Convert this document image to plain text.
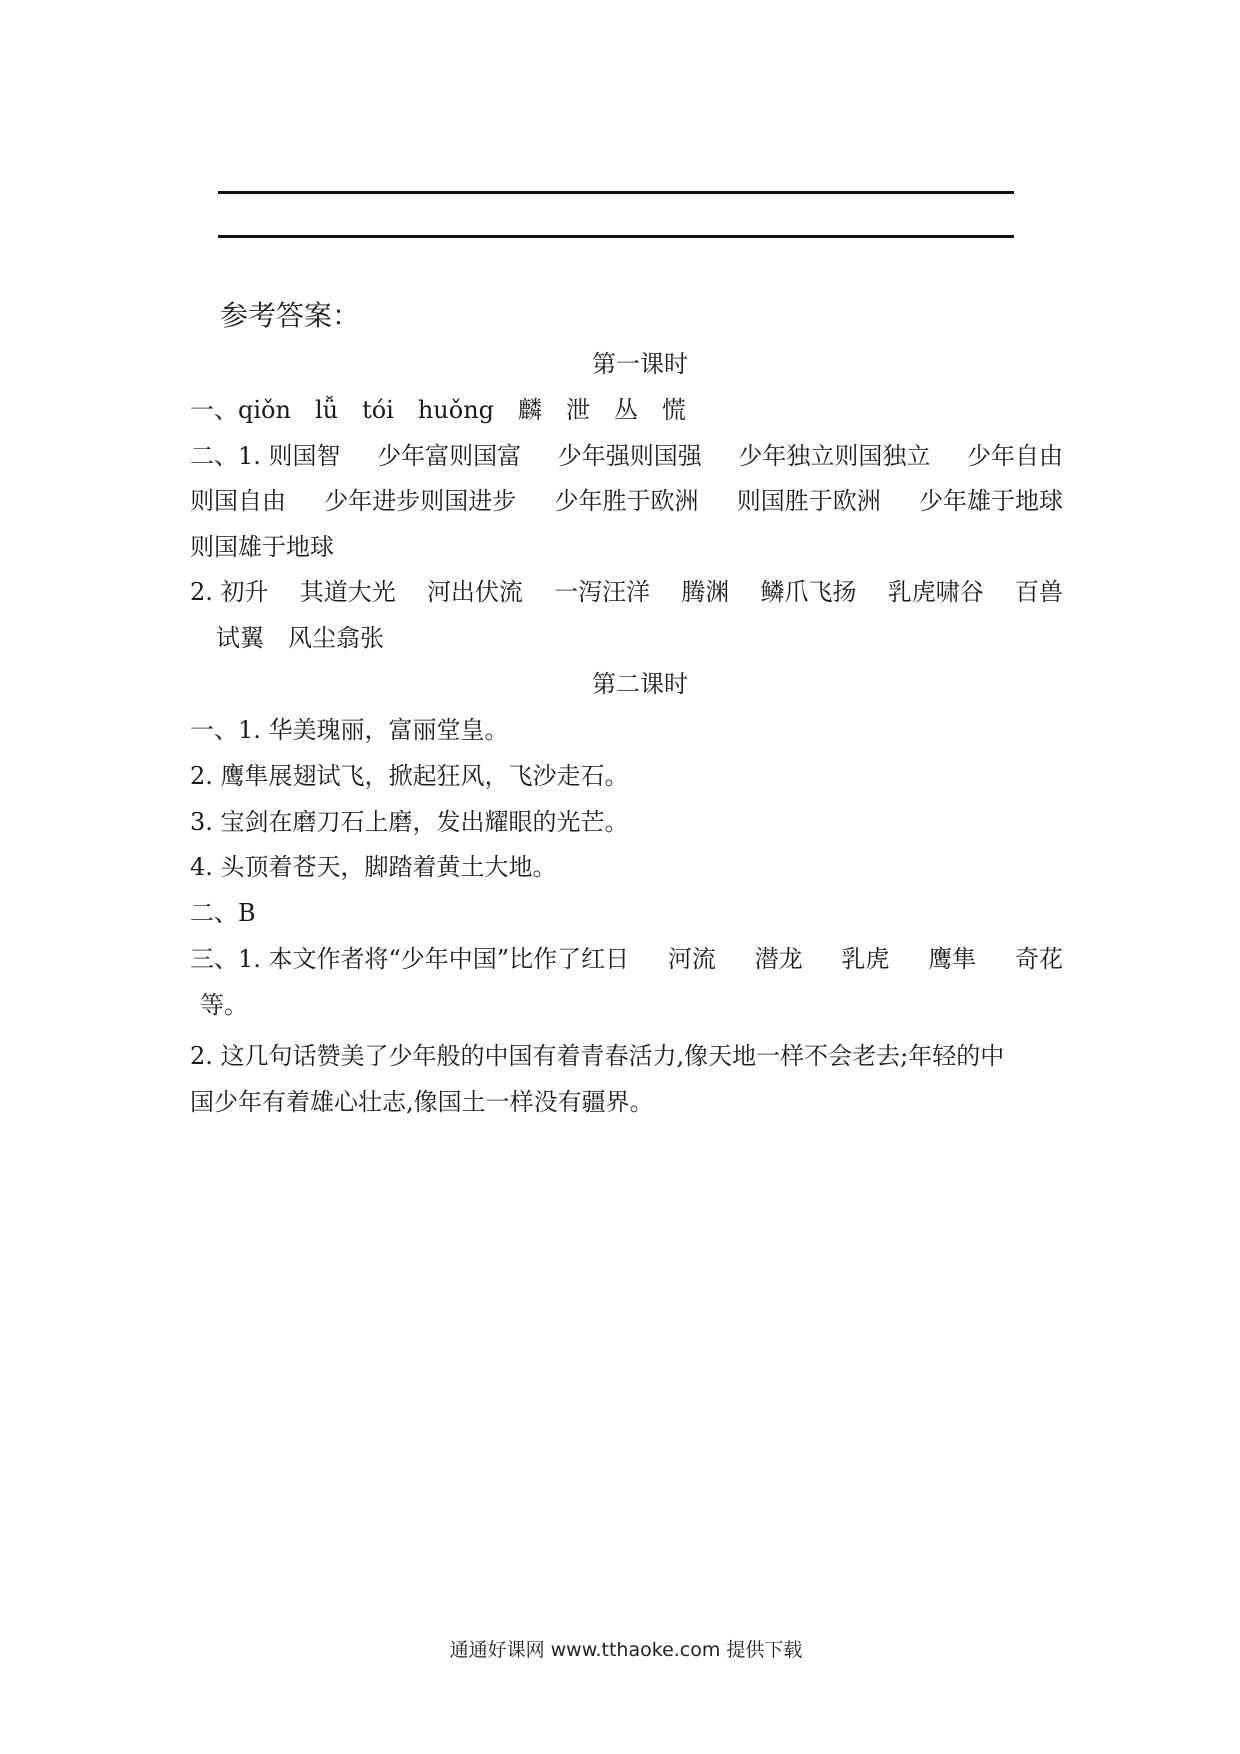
参考答案：
第一课时
一、qiǒn　lǚ　tói　huǒng　麟　泄　丛　慌
二、1. 则国智 少年富则国富 少年强则国强 少年独立则国独立 少年自由
则国自由 少年进步则国进步 少年胜于欧洲 则国胜于欧洲 少年雄于地球
则国雄于地球
2. 初升 其道大光 河出伏流 一泻汪洋 腾渊 鳞爪飞扬 乳虎啸谷 百兽
试翼　风尘翕张
第二课时
一、1. 华美瑰丽，富丽堂皇。
2. 鹰隼展翅试飞，掀起狂风，飞沙走石。
3. 宝剑在磨刀石上磨，发出耀眼的光芒。
4. 头顶着苍天，脚踏着黄土大地。
二、B
三、1. 本文作者将“少年中国”比作了红日 河流 潜龙 乳虎 鹰隼 奇花
等。
2. 这几句话赞美了少年般的中国有着青春活力,像天地一样不会老去;年轻的中
国少年有着雄心壮志,像国土一样没有疆界。
通通好课网 www.tthaoke.com 提供下载
